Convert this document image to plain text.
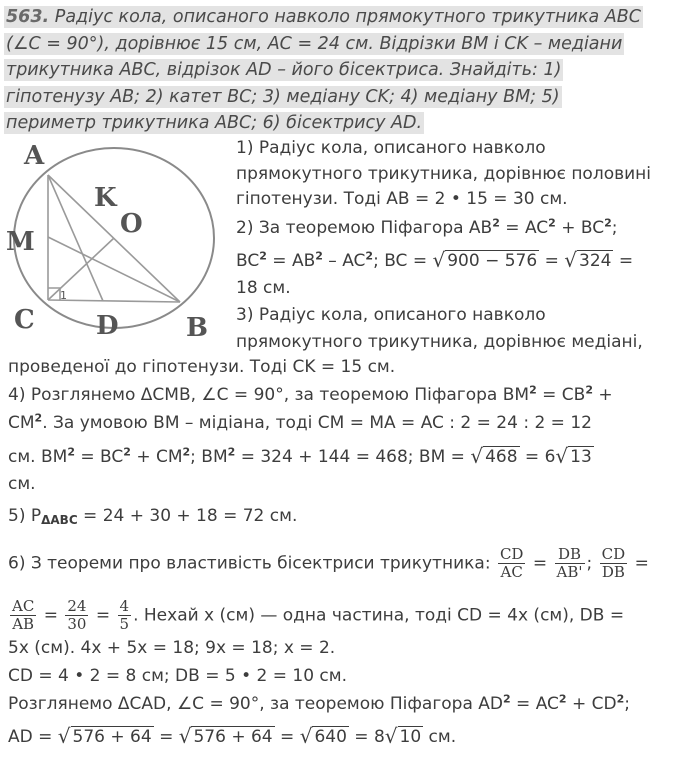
563. Радіус кола, описаного навколо прямокутного трикутника ABC
(∠C = 90°), дорівнює 15 см, AC = 24 см. Відрізки BM і CK – медіани
трикутника ABC, відрізок AD – його бісектриса. Знайдіть: 1)
гіпотенузу AB; 2) катет BC; 3) медіану CK; 4) медіану BM; 5)
периметр трикутника ABC; 6) бісектрису AD.
A
M
C D	B
K
O
1
1) Радіус кола, описаного навколо
прямокутного трикутника, дорівнює половині
гіпотенузи. Тоді AB = 2 • 15 = 30 см.
2) За теоремою Піфагора $AB^2 = AC^2 + BC^2$;
$BC^2 = AB^2 - AC^2$; BC = √ 900 − 576 = √ 324 =
18 см.
3) Радіус кола, описаного навколо
прямокутного трикутника, дорівнює медіані,
проведеної до гіпотенузи. Тоді CK = 15 см.
4) Розглянемо ΔCMB, ∠C = 90°, за теоремою Піфагора $BM^2 = CB^2$ +
$CM^2$. За умовою BM – мідіана, тоді CM = MA = AC : 2 = 24 : 2 = 12
см. $BM^2 = BC^2 + CM^2$; $BM^2 = 324 + 144 = 468$; BM = √ 468 = 6√ 13
см.
5) $P_{\Delta ABC} = 24 + 30 + 18 = 72$ см.
6) З теореми про властивість бісектриси трикутника: $\frac{CD}{AC} = \frac{DB}{AB'}$ ; $\frac{CD}{DB}$ =
$\frac{AC}{AB} = \frac{24}{30} = \frac{4}{5}$ . Нехай x (см) — одна частина, тоді CD = 4x (см), DB =
5x (см). 4x + 5x = 18; 9x = 18; x = 2.
CD = 4 • 2 = 8 см; DB = 5 • 2 = 10 см.
Розглянемо ΔCAD, ∠C = 90°, за теоремою Піфагора $AD^2 = AC^2 + CD^2$;
AD = √ 576 + 64 = √ 576 + 64 = √ 640 = 8√ 10 см.
